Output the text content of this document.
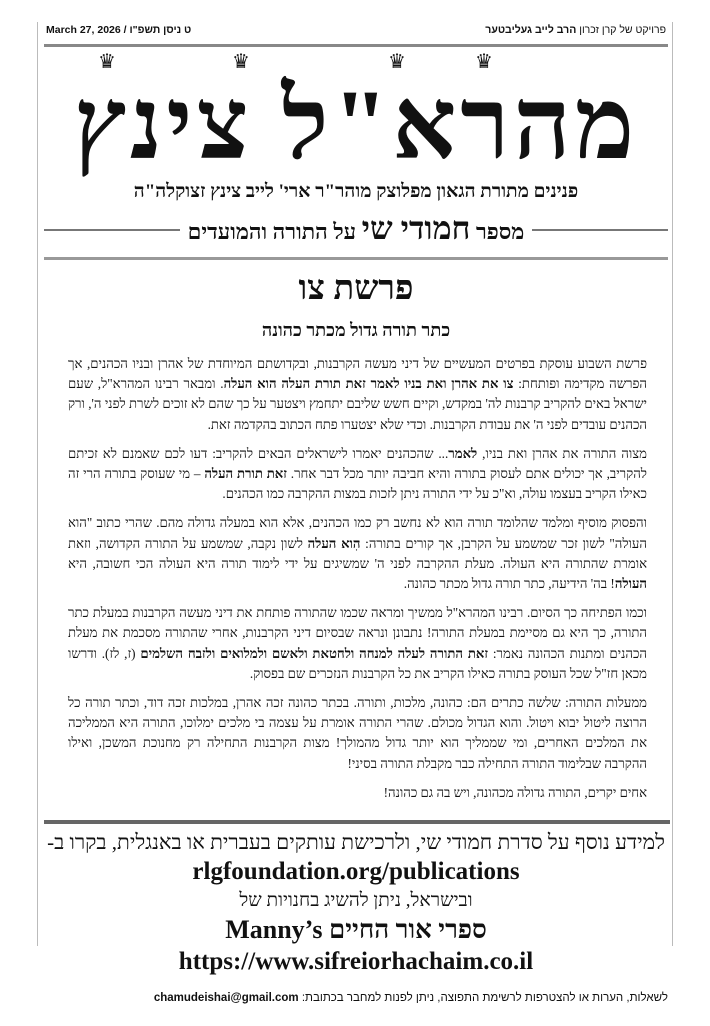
March 27, 2026 / ט ניסן תשפ"ו	פרויקט של קרן זכרון הרב לייב געליבטער
♛	♛	♛	♛
מהרא"ל צינץ
פנינים מתורת הגאון מפלוצק מוהר"ר ארי' לייב צינץ זצוקלה"ה
מספר חמודי שי על התורה והמועדים
פרשת צו
כתר תורה גדול מכתר כהונה

פרשת השבוע עוסקת בפרטים המעשיים של דיני מעשה הקרבנות, ובקדושתם המיוחדת של אהרן ובניו הכהנים, אך הפרשה מקדימה ופותחת: צו את אהרן ואת בניו לאמר זאת תורת העלה הוא העלה. ומבאר רבינו המהרא"ל, שעם ישראל באים להקריב קרבנות לה' במקדש, וקיים חשש שליבם יתחמץ ויצטער על כך שהם לא זוכים לשרת לפני ה', ורק הכהנים עובדים לפני ה' את עבודת הקרבנות. וכדי שלא יצטערו פתח הכתוב בהקדמה זאת.

מצוה התורה את אהרן ואת בניו, לאמר... שהכהנים יאמרו לישראלים הבאים להקריב: דעו לכם שאמנם לא זכיתם להקריב, אך יכולים אתם לעסוק בתורה והיא חביבה יותר מכל דבר אחר. זאת תורת העלה – מי שעוסק בתורה הרי זה כאילו הקריב בעצמו עולה, וא"כ על ידי התורה ניתן לזכות במצות ההקרבה כמו הכהנים.

והפסוק מוסיף ומלמד שהלומד תורה הוא לא נחשב רק כמו הכהנים, אלא הוא במעלה גדולה מהם. שהרי כתוב "הוא העולה" לשון זכר שמשמע על הקרבן, אך קורים בתורה: הִוא העלה לשון נקבה, שמשמע על התורה הקדושה, וזאת אומרת שהתורה היא העולה. מעלת ההקרבה לפני ה' שמשיגים על ידי לימוד תורה היא העולה הכי חשובה, היא העולה! בה' הידיעה, כתר תורה גדול מכתר כהונה.

וכמו הפתיחה כך הסיום. רבינו המהרא"ל ממשיך ומראה שכמו שהתורה פותחת את דיני מעשה הקרבנות במעלת כתר התורה, כך היא גם מסיימת במעלת התורה! נתבונן ונראה שבסיום דיני הקרבנות, אחרי שהתורה מסכמת את מעלת הכהנים ומתנות הכהונה נאמר: זאת התורה לעלה למנחה ולחטאת ולאשם ולמלואים ולזבח השלמים (ז, לז). ודרשו מכאן חז"ל שכל העוסק בתורה כאילו הקריב את כל הקרבנות הנזכרים שם בפסוק.

ממעלות התורה: שלשה כתרים הם: כהונה, מלכות, ותורה. בכתר כהונה זכה אהרן, במלכות זכה דוד, וכתר תורה כל הרוצה ליטול יבוא ויטול. והוא הגדול מכולם. שהרי התורה אומרת על עצמה בי מלכים ימלוכו, התורה היא הממליכה את המלכים האחרים, ומי שממליך הוא יותר גדול מהמולך! מצות הקרבנות התחילה רק מחנוכת המשכן, ואילו ההקרבה שבלימוד התורה התחילה כבר מקבלת התורה בסיני!

אחים יקרים, התורה גדולה מכהונה, ויש בה גם כהונה!

למידע נוסף על סדרת חמודי שי, ולרכישת עותקים בעברית או באנגלית, בקרו ב-
rlgfoundation.org/publications
ובישראל, ניתן להשיג בחנויות של
ספרי אור החיים Manny’s
https://www.sifreiorhachaim.co.il
לשאלות, הערות או להצטרפות לרשימת התפוצה, ניתן לפנות למחבר בכתובת: chamudeishai@gmail.com
